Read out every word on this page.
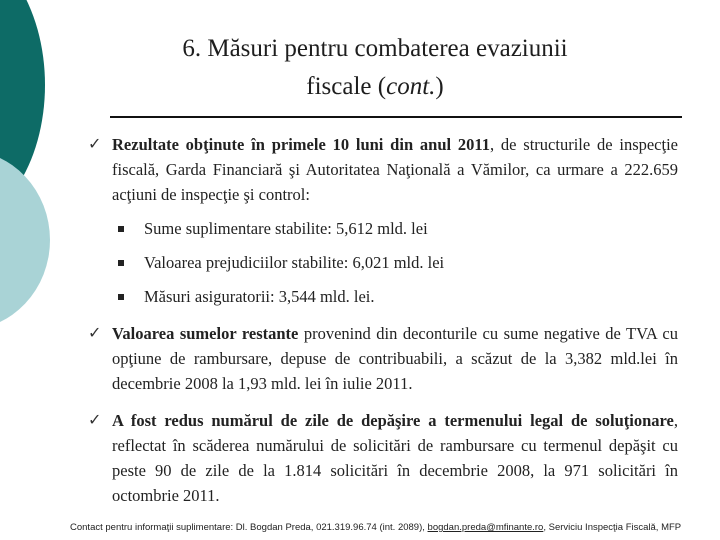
6. Măsuri pentru combaterea evaziunii
fiscale (cont.)
✓ Rezultate obţinute în primele 10 luni din anul 2011, de structurile de inspecţie fiscală, Garda Financiară şi Autoritatea Naţională a Vămilor, ca urmare a 222.659 acţiuni de inspecţie şi control:
Sume suplimentare stabilite: 5,612 mld. lei
Valoarea prejudiciilor stabilite: 6,021 mld. lei
Măsuri asiguratorii: 3,544 mld. lei.
✓ Valoarea sumelor restante provenind din deconturile cu sume negative de TVA cu opţiune de rambursare, depuse de contribuabili, a scăzut de la 3,382 mld.lei în decembrie 2008 la 1,93 mld. lei în iulie 2011.
✓ A fost redus numărul de zile de depăşire a termenului legal de soluţionare, reflectat în scăderea numărului de solicitări de rambursare cu termenul depăşit cu peste 90 de zile de la 1.814 solicitări în decembrie 2008, la 971 solicitări în octombrie 2011.
Contact pentru informaţii suplimentare: Dl. Bogdan Preda, 021.319.96.74 (int. 2089), bogdan.preda@mfinante.ro, Serviciu Inspecţia Fiscală, MFP
